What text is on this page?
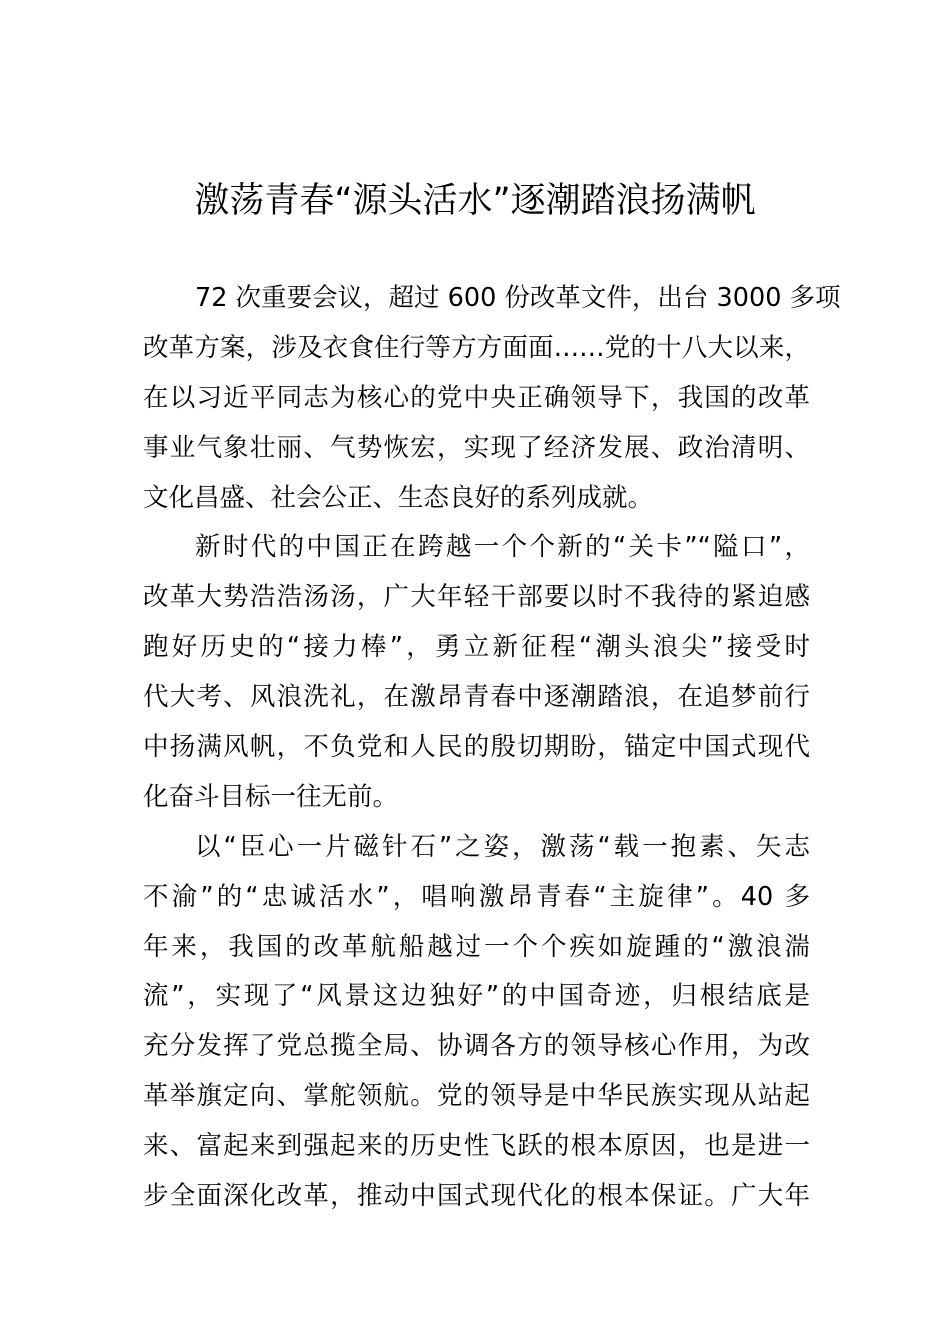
激荡青春“源头活水”逐潮踏浪扬满帆
72 次重要会议，超过 600 份改革文件，出台 3000 多项
改革方案，涉及衣食住行等方方面面……党的十八大以来，
在以习近平同志为核心的党中央正确领导下，我国的改革
事业气象壮丽、气势恢宏，实现了经济发展、政治清明、
文化昌盛、社会公正、生态良好的系列成就。
新时代的中国正在跨越一个个新的“关卡”“隘口”，
改革大势浩浩汤汤，广大年轻干部要以时不我待的紧迫感
跑好历史的“接力棒”，勇立新征程“潮头浪尖”接受时
代大考、风浪洗礼，在激昂青春中逐潮踏浪，在追梦前行
中扬满风帆，不负党和人民的殷切期盼，锚定中国式现代
化奋斗目标一往无前。
以“臣心一片磁针石”之姿，激荡“载一抱素、矢志
不渝”的“忠诚活水”，唱响激昂青春“主旋律”。40 多
年来，我国的改革航船越过一个个疾如旋踵的“激浪湍
流”，实现了“风景这边独好”的中国奇迹，归根结底是
充分发挥了党总揽全局、协调各方的领导核心作用，为改
革举旗定向、掌舵领航。党的领导是中华民族实现从站起
来、富起来到强起来的历史性飞跃的根本原因，也是进一
步全面深化改革，推动中国式现代化的根本保证。广大年
